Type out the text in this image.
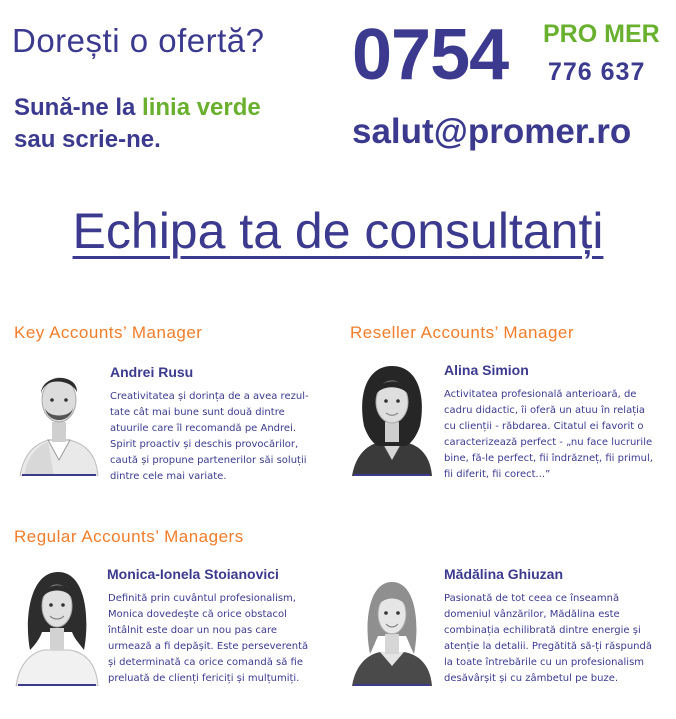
Dorești o ofertă?
Sună-ne la linia verde
sau scrie-ne.
0754 PRO MER
776 637
salut@promer.ro
Echipa ta de consultanți
Key Accounts’ Manager	Reseller Accounts’ Manager
Regular Accounts’ Managers
Andrei Rusu
Creativitatea și dorința de a avea rezul-
tate cât mai bune sunt două dintre
atuurile care îl recomandă pe Andrei.
Spirit proactiv și deschis provocărilor,
caută și propune partenerilor săi soluții
dintre cele mai variate.
Alina Simion
Activitatea profesională anterioară, de
cadru didactic, îi oferă un atuu în relația
cu clienții - răbdarea. Citatul ei favorit o
caracterizează perfect - „nu face lucrurile
bine, fă-le perfect, fii îndrăzneț, fii primul,
fii diferit, fii corect...”
Monica-Ionela Stoianovici
Definită prin cuvântul profesionalism,
Monica dovedește că orice obstacol
întâlnit este doar un nou pas care
urmează a fi depășit. Este perseverentă
și determinată ca orice comandă să fie
preluată de clienți fericiți și mulțumiți.
Mădălina Ghiuzan
Pasionată de tot ceea ce înseamnă
domeniul vânzărilor, Mădălina este
combinația echilibrată dintre energie și
atenție la detalii. Pregătită să-ți răspundă
la toate întrebările cu un profesionalism
desăvârșit și cu zâmbetul pe buze.
